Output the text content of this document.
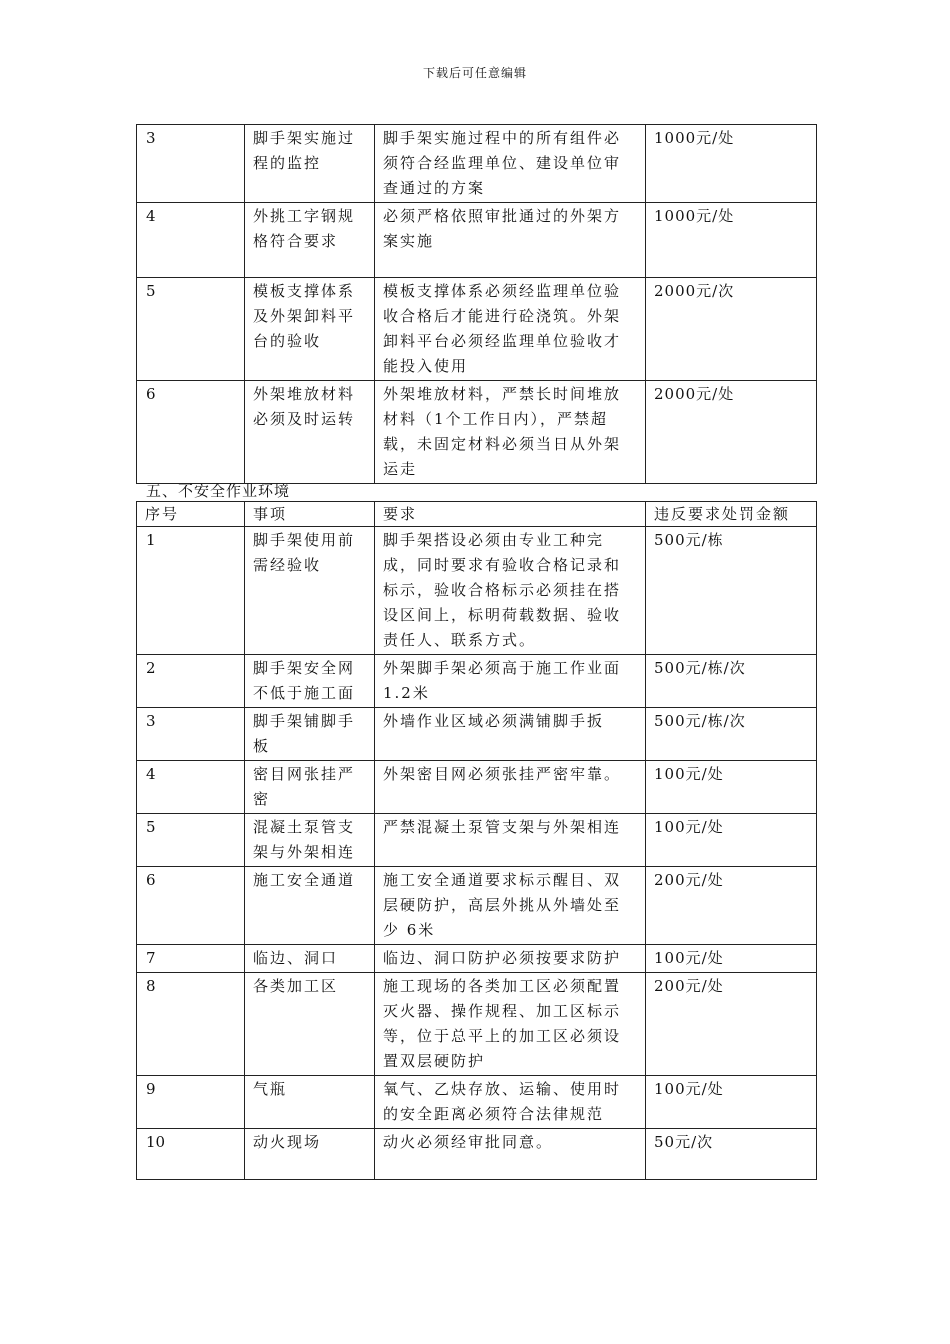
下载后可任意编辑
3	脚手架实施过程的监控	脚手架实施过程中的所有组件必须符合经监理单位、建设单位审查通过的方案	1000元/处
4	外挑工字钢规格符合要求	必须严格依照审批通过的外架方案实施	1000元/处
5	模板支撑体系及外架卸料平台的验收	模板支撑体系必须经监理单位验收合格后才能进行砼浇筑。外架卸料平台必须经监理单位验收才能投入使用	2000元/次
6	外架堆放材料必须及时运转	外架堆放材料，严禁长时间堆放材料（1个工作日内），严禁超载，未固定材料必须当日从外架运走	2000元/处
五、不安全作业环境
序号	事项	要求	违反要求处罚金额
1	脚手架使用前需经验收	脚手架搭设必须由专业工种完成，同时要求有验收合格记录和标示，验收合格标示必须挂在搭设区间上，标明荷载数据、验收责任人、联系方式。	500元/栋
2	脚手架安全网不低于施工面	外架脚手架必须高于施工作业面1.2米	500元/栋/次
3	脚手架铺脚手板	外墙作业区域必须满铺脚手扳	500元/栋/次
4	密目网张挂严密	外架密目网必须张挂严密牢靠。	100元/处
5	混凝土泵管支架与外架相连	严禁混凝土泵管支架与外架相连	100元/处
6	施工安全通道	施工安全通道要求标示醒目、双层硬防护，高层外挑从外墙处至少 6米	200元/处
7	临边、洞口	临边、洞口防护必须按要求防护	100元/处
8	各类加工区	施工现场的各类加工区必须配置灭火器、操作规程、加工区标示等，位于总平上的加工区必须设置双层硬防护	200元/处
9	气瓶	氧气、乙炔存放、运输、使用时的安全距离必须符合法律规范	100元/处
10	动火现场	动火必须经审批同意。	50元/次
